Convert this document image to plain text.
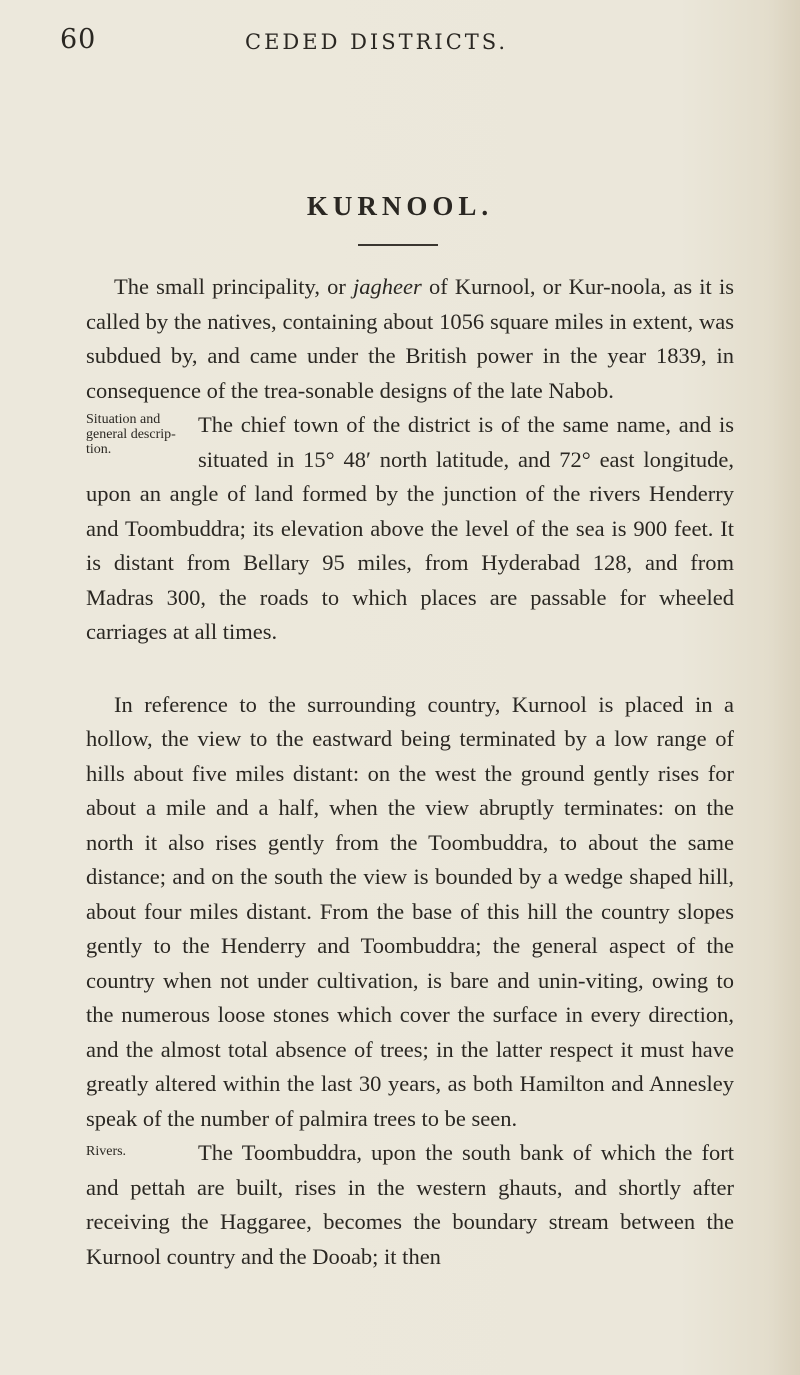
60	CEDED DISTRICTS.
KURNOOL.

The small principality, or jagheer of Kurnool, or Kur-noola, as it is called by the natives, containing about 1056 square miles in extent, was subdued by, and came under the British power in the year 1839, in consequence of the trea-sonable designs of the late Nabob.

Situation and general descrip-tion.
The chief town of the district is of the same name, and is situated in 15° 48′ north latitude, and 72° east longitude, upon an angle of land formed by the junction of the rivers Henderry and Toombuddra; its elevation above the level of the sea is 900 feet. It is distant from Bellary 95 miles, from Hyderabad 128, and from Madras 300, the roads to which places are passable for wheeled carriages at all times.

In reference to the surrounding country, Kurnool is placed in a hollow, the view to the eastward being terminated by a low range of hills about five miles distant: on the west the ground gently rises for about a mile and a half, when the view abruptly terminates: on the north it also rises gently from the Toombuddra, to about the same distance; and on the south the view is bounded by a wedge shaped hill, about four miles distant. From the base of this hill the country slopes gently to the Henderry and Toombuddra; the general aspect of the country when not under cultivation, is bare and unin-viting, owing to the numerous loose stones which cover the surface in every direction, and the almost total absence of trees; in the latter respect it must have greatly altered within the last 30 years, as both Hamilton and Annesley speak of the number of palmira trees to be seen.

Rivers.	The Toombuddra, upon the south bank of which the fort and pettah are built, rises in the western ghauts, and shortly after receiving the Haggaree, becomes the boundary stream between the Kurnool country and the Dooab; it then
